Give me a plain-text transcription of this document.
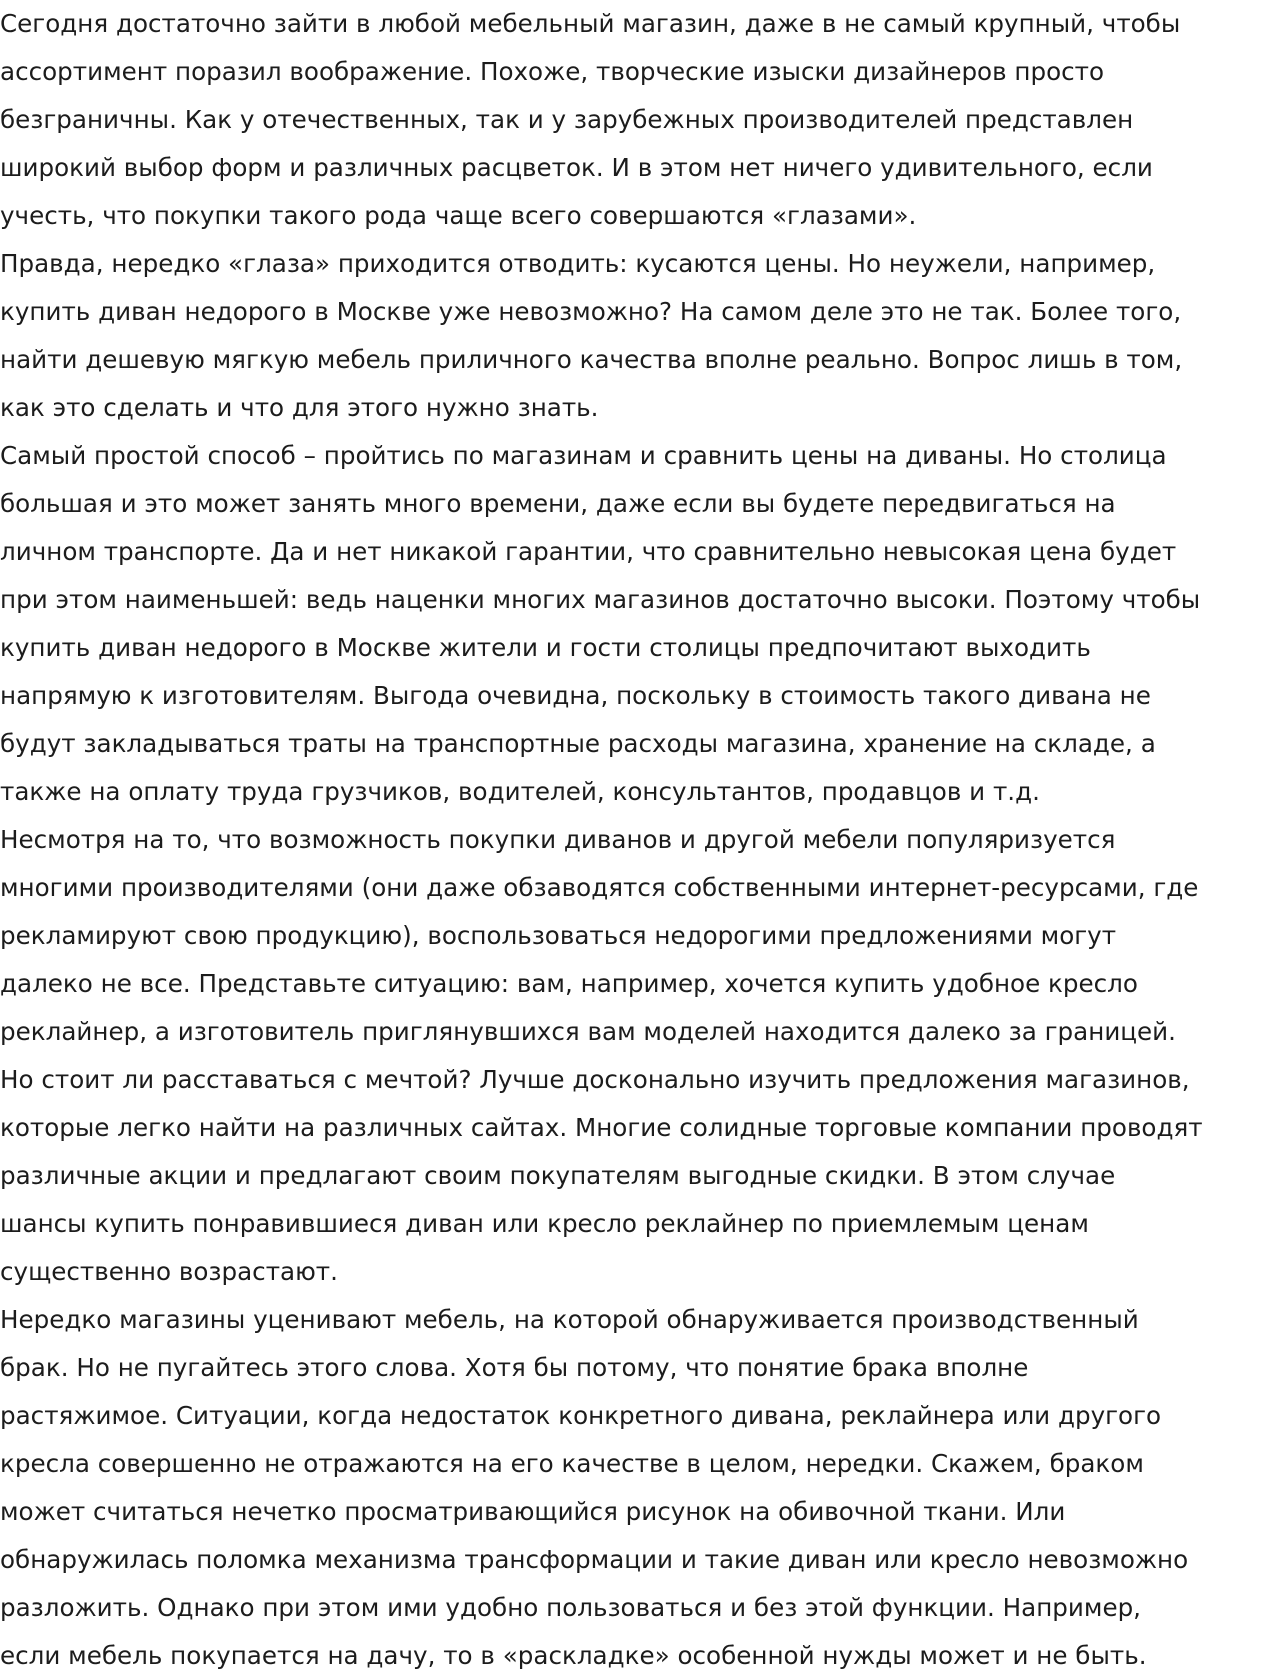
Сегодня достаточно зайти в любой мебельный магазин, даже в не самый крупный, чтобы
ассортимент поразил воображение. Похоже, творческие изыски дизайнеров просто
безграничны. Как у отечественных, так и у зарубежных производителей представлен
широкий выбор форм и различных расцветок. И в этом нет ничего удивительного, если
учесть, что покупки такого рода чаще всего совершаются «глазами».
Правда, нередко «глаза» приходится отводить: кусаются цены. Но неужели, например,
купить диван недорого в Москве уже невозможно? На самом деле это не так. Более того,
найти дешевую мягкую мебель приличного качества вполне реально. Вопрос лишь в том,
как это сделать и что для этого нужно знать.
Самый простой способ – пройтись по магазинам и сравнить цены на диваны. Но столица
большая и это может занять много времени, даже если вы будете передвигаться на
личном транспорте. Да и нет никакой гарантии, что сравнительно невысокая цена будет
при этом наименьшей: ведь наценки многих магазинов достаточно высоки. Поэтому чтобы
купить диван недорого в Москве жители и гости столицы предпочитают выходить
напрямую к изготовителям. Выгода очевидна, поскольку в стоимость такого дивана не
будут закладываться траты на транспортные расходы магазина, хранение на складе, а
также на оплату труда грузчиков, водителей, консультантов, продавцов и т.д.
Несмотря на то, что возможность покупки диванов и другой мебели популяризуется
многими производителями (они даже обзаводятся собственными интернет-ресурсами, где
рекламируют свою продукцию), воспользоваться недорогими предложениями могут
далеко не все. Представьте ситуацию: вам, например, хочется купить удобное кресло
реклайнер, а изготовитель приглянувшихся вам моделей находится далеко за границей.
Но стоит ли расставаться с мечтой? Лучше досконально изучить предложения магазинов,
которые легко найти на различных сайтах. Многие солидные торговые компании проводят
различные акции и предлагают своим покупателям выгодные скидки. В этом случае
шансы купить понравившиеся диван или кресло реклайнер по приемлемым ценам
существенно возрастают.
Нередко магазины уценивают мебель, на которой обнаруживается производственный
брак. Но не пугайтесь этого слова. Хотя бы потому, что понятие брака вполне
растяжимое. Ситуации, когда недостаток конкретного дивана, реклайнера или другого
кресла совершенно не отражаются на его качестве в целом, нередки. Скажем, браком
может считаться нечетко просматривающийся рисунок на обивочной ткани. Или
обнаружилась поломка механизма трансформации и такие диван или кресло невозможно
разложить. Однако при этом ими удобно пользоваться и без этой функции. Например,
если мебель покупается на дачу, то в «раскладке» особенной нужды может и не быть.
